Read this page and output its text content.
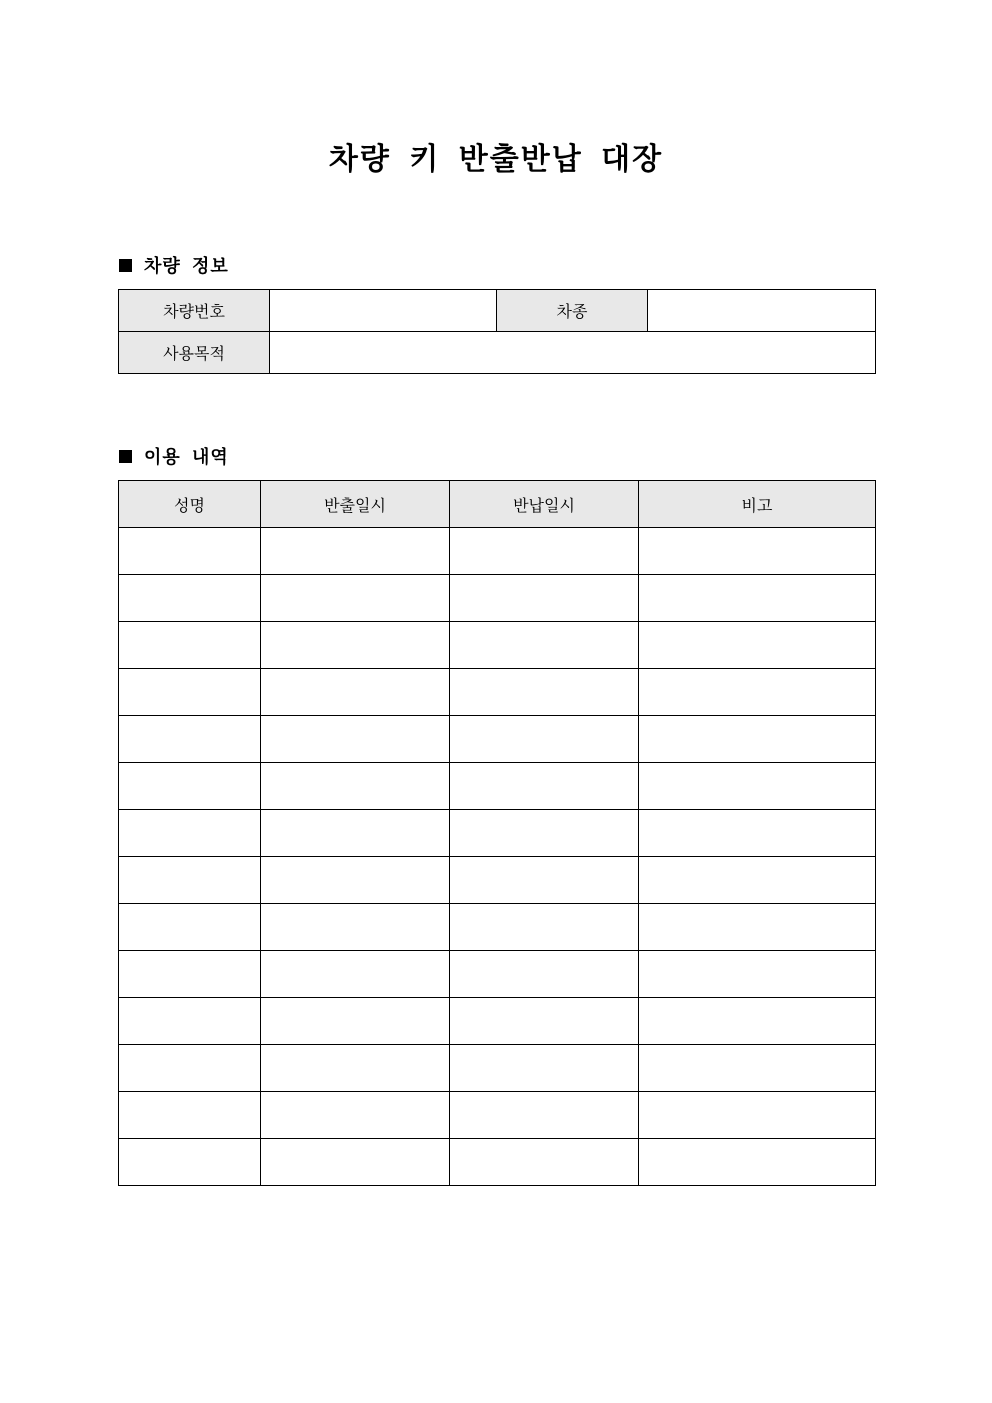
차량 키 반출반납 대장
차량 정보
차량번호		차종	
사용목적			
이용 내역
성명	반출일시	반납일시	비고
